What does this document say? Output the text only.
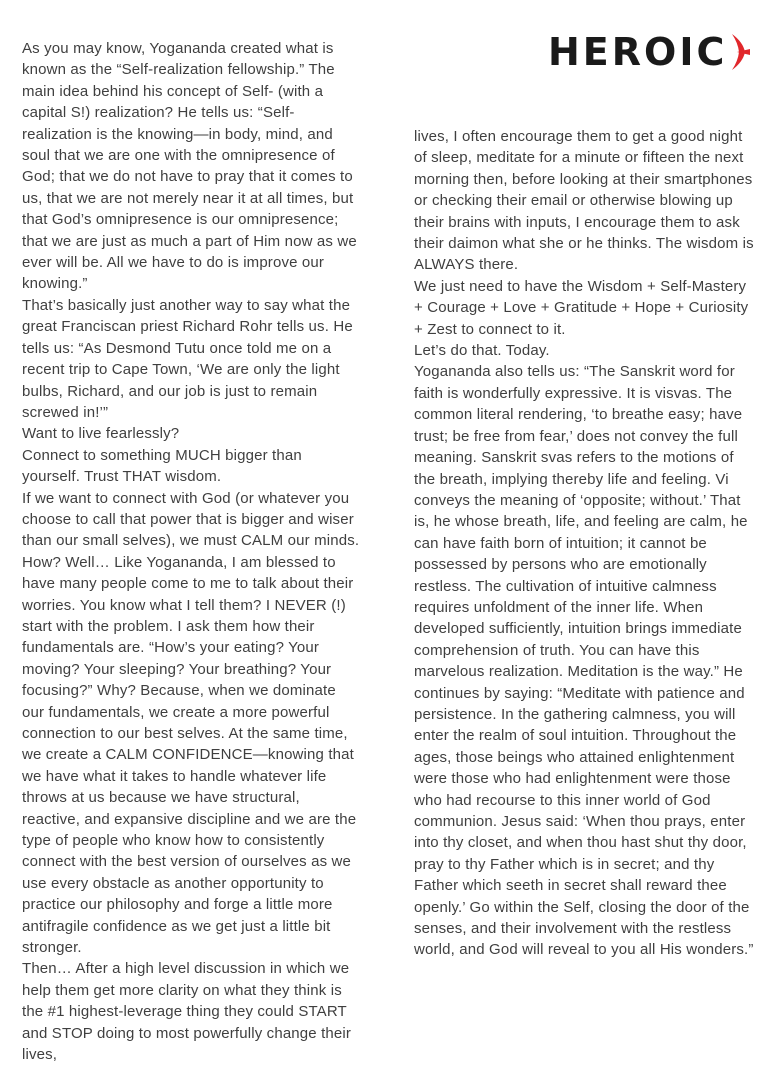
HEROIC

As you may know, Yogananda created what is known as the “Self-realization fellowship.” The main idea behind his concept of Self- (with a capital S!) realization? He tells us: “Self-realization is the knowing—in body, mind, and soul that we are one with the omnipresence of God; that we do not have to pray that it comes to us, that we are not merely near it at all times, but that God’s omnipresence is our omnipresence; that we are just as much a part of Him now as we ever will be. All we have to do is improve our knowing.”

That’s basically just another way to say what the great Franciscan priest Richard Rohr tells us. He tells us: “As Desmond Tutu once told me on a recent trip to Cape Town, ‘We are only the light bulbs, Richard, and our job is just to remain screwed in!’”

Want to live fearlessly?

Connect to something MUCH bigger than yourself. Trust THAT wisdom.

If we want to connect with God (or whatever you choose to call that power that is bigger and wiser than our small selves), we must CALM our minds.

How? Well… Like Yogananda, I am blessed to have many people come to me to talk about their worries. You know what I tell them? I NEVER (!) start with the problem. I ask them how their fundamentals are. “How’s your eating? Your moving? Your sleeping? Your breathing? Your focusing?” Why? Because, when we dominate our fundamentals, we create a more powerful connection to our best selves. At the same time, we create a CALM CONFIDENCE—knowing that we have what it takes to handle whatever life throws at us because we have structural, reactive, and expansive discipline and we are the type of people who know how to consistently connect with the best version of ourselves as we use every obstacle as another opportunity to practice our philosophy and forge a little more antifragile confidence as we get just a little bit stronger.

Then… After a high level discussion in which we help them get more clarity on what they think is the #1 highest-leverage thing they could START and STOP doing to most powerfully change their lives,

lives, I often encourage them to get a good night of sleep, meditate for a minute or fifteen the next morning then, before looking at their smartphones or checking their email or otherwise blowing up their brains with inputs, I encourage them to ask their daimon what she or he thinks. The wisdom is ALWAYS there.

We just need to have the Wisdom + Self-Mastery + Courage + Love + Gratitude + Hope + Curiosity + Zest to connect to it.

Let’s do that. Today.

Yogananda also tells us: “The Sanskrit word for faith is wonderfully expressive. It is visvas. The common literal rendering, ‘to breathe easy; have trust; be free from fear,’ does not convey the full meaning. Sanskrit svas refers to the motions of the breath, implying thereby life and feeling. Vi conveys the meaning of ‘opposite; without.’ That is, he whose breath, life, and feeling are calm, he can have faith born of intuition; it cannot be possessed by persons who are emotionally restless. The cultivation of intuitive calmness requires unfoldment of the inner life. When developed sufficiently, intuition brings immediate comprehension of truth. You can have this marvelous realization. Meditation is the way.” He continues by saying: “Meditate with patience and persistence. In the gathering calmness, you will enter the realm of soul intuition. Throughout the ages, those beings who attained enlightenment were those who had enlightenment were those who had recourse to this inner world of God communion. Jesus said: ‘When thou prays, enter into thy closet, and when thou hast shut thy door, pray to thy Father which is in secret; and thy Father which seeth in secret shall reward thee openly.’ Go within the Self, closing the door of the senses, and their involvement with the restless world, and God will reveal to you all His wonders.”
